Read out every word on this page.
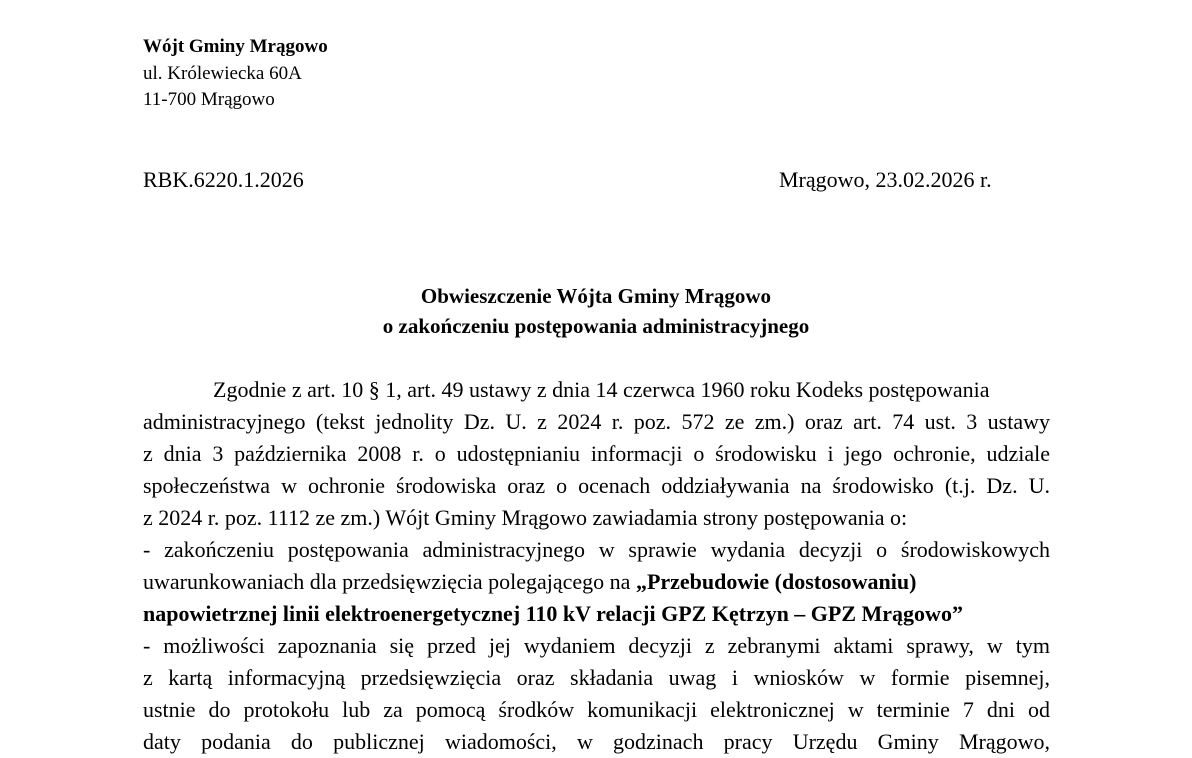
Wójt Gminy Mrągowo
ul. Królewiecka 60A
11-700 Mrągowo
RBK.6220.1.2026	Mrągowo, 23.02.2026 r.
Obwieszczenie Wójta Gminy Mrągowo
o zakończeniu postępowania administracyjnego
Zgodnie z art. 10 § 1, art. 49 ustawy z dnia 14 czerwca 1960 roku Kodeks postępowania
administracyjnego (tekst jednolity Dz. U. z 2024 r. poz. 572 ze zm.) oraz art. 74 ust. 3 ustawy
z dnia 3 października 2008 r. o udostępnianiu informacji o środowisku i jego ochronie, udziale
społeczeństwa w ochronie środowiska oraz o ocenach oddziaływania na środowisko (t.j. Dz. U.
z 2024 r. poz. 1112 ze zm.) Wójt Gminy Mrągowo zawiadamia strony postępowania o:
- zakończeniu postępowania administracyjnego w sprawie wydania decyzji o środowiskowych
uwarunkowaniach dla przedsięwzięcia polegającego na „Przebudowie (dostosowaniu)
napowietrznej linii elektroenergetycznej 110 kV relacji GPZ Kętrzyn – GPZ Mrągowo”
- możliwości zapoznania się przed jej wydaniem decyzji z zebranymi aktami sprawy, w tym
z kartą informacyjną przedsięwzięcia oraz składania uwag i wniosków w formie pisemnej,
ustnie do protokołu lub za pomocą środków komunikacji elektronicznej w terminie 7 dni od
daty podania do publicznej wiadomości, w godzinach pracy Urzędu Gminy Mrągowo,
